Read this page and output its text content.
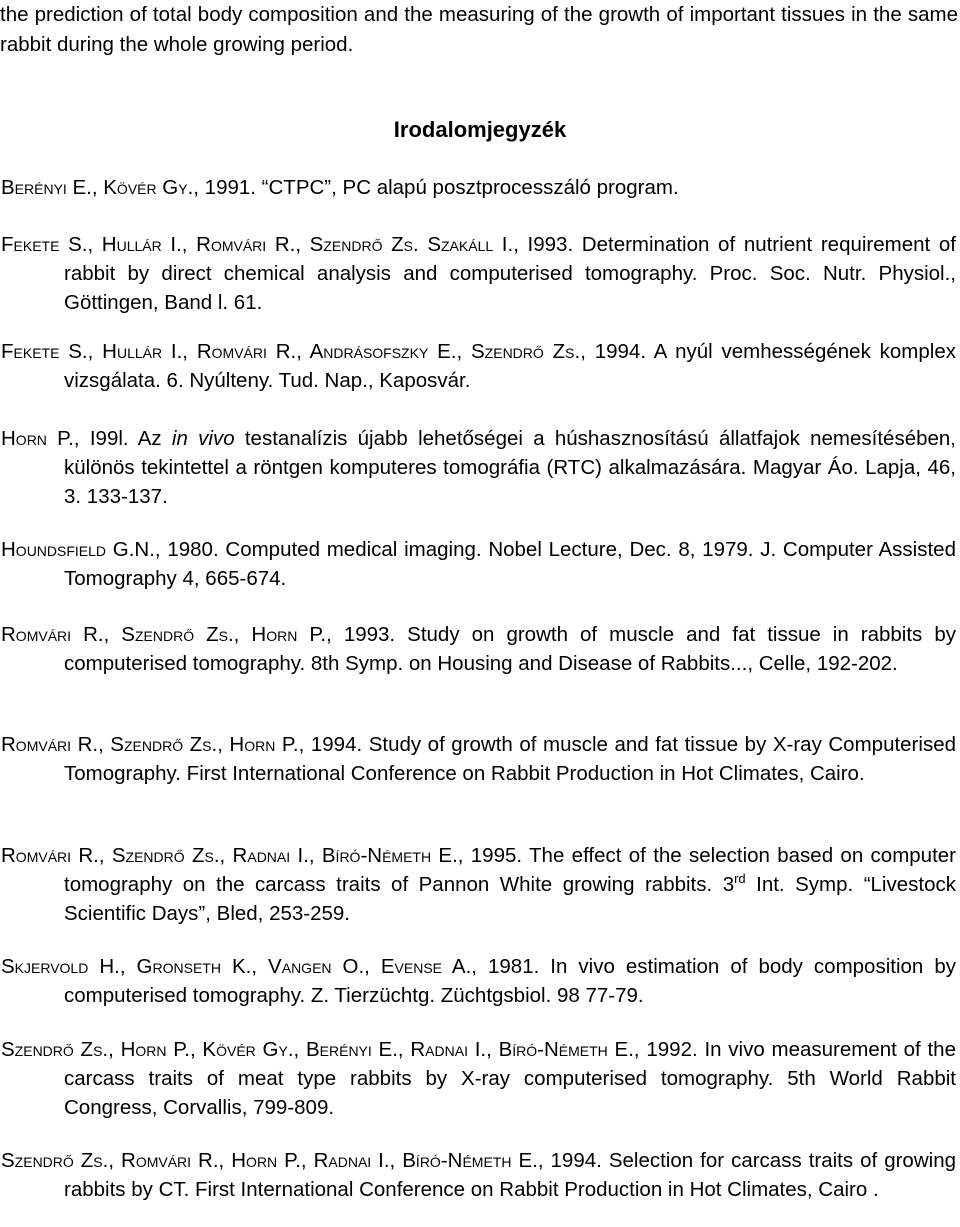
the prediction of total body composition and the measuring of the growth of important tissues in the same rabbit during the whole growing period.
Irodalomjegyzék
Berényi E., Kövér Gy., 1991. “CTPC”, PC alapú posztprocesszáló program.
Fekete S., Hullár I., Romvári R., Szendrő Zs. Szakáll I., I993. Determination of nutrient requirement of rabbit by direct chemical analysis and computerised tomography. Proc. Soc. Nutr. Physiol., Göttingen, Band l. 61.
Fekete S., Hullár I., Romvári R., Andrásofszky E., Szendrő Zs., 1994. A nyúl vemhességének komplex vizsgálata. 6. Nyúlteny. Tud. Nap., Kaposvár.
Horn P., I99l. Az in vivo testanalízis újabb lehetőségei a húshasznosítású állatfajok nemesítésében, különös tekintettel a röntgen komputeres tomográfia (RTC) alkalmazására. Magyar Áo. Lapja, 46, 3. 133-137.
Houndsfield G.N., 1980. Computed medical imaging. Nobel Lecture, Dec. 8, 1979. J. Computer Assisted Tomography 4, 665-674.
Romvári R., Szendrő Zs., Horn P., 1993. Study on growth of muscle and fat tissue in rabbits by computerised tomography. 8th Symp. on Housing and Disease of Rabbits..., Celle, 192-202.
Romvári R., Szendrő Zs., Horn P., 1994. Study of growth of muscle and fat tissue by X-ray Computerised Tomography. First International Conference on Rabbit Production in Hot Climates, Cairo.
Romvári R., Szendrő Zs., Radnai I., Bíró-Németh E., 1995. The effect of the selection based on computer tomography on the carcass traits of Pannon White growing rabbits. 3rd Int. Symp. “Livestock Scientific Days”, Bled, 253-259.
Skjervold H., Gronseth K., Vangen O., Evense A., 1981. In vivo estimation of body composition by computerised tomography. Z. Tierzüchtg. Züchtgsbiol. 98 77-79.
Szendrő Zs., Horn P., Kövér Gy., Berényi E., Radnai I., Bíró-Németh E., 1992. In vivo measurement of the carcass traits of meat type rabbits by X-ray computerised tomography. 5th World Rabbit Congress, Corvallis, 799-809.
Szendrő Zs., Romvári R., Horn P., Radnai I., Bíró-Németh E., 1994. Selection for carcass traits of growing rabbits by CT. First International Conference on Rabbit Production in Hot Climates, Cairo .
